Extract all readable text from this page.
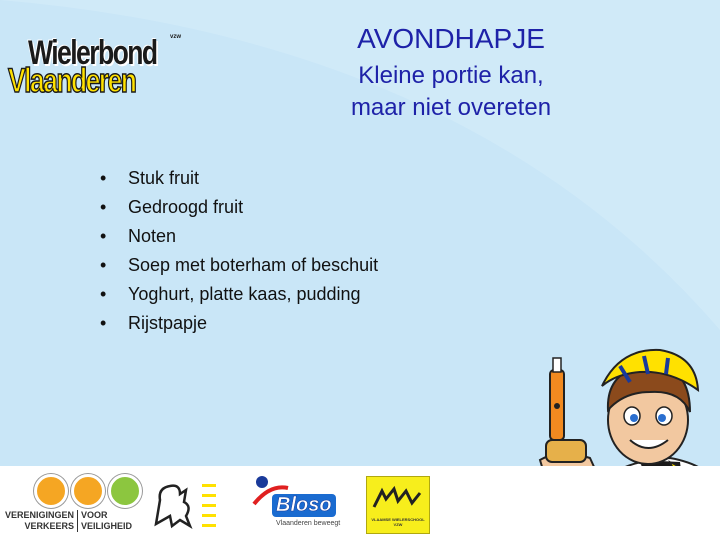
Wielerbond
Vlaanderen
vzw	AVONDHAPJE
Kleine portie kan,
maar niet overeten
•	Stuk fruit
•	Gedroogd fruit
•	Noten
•	Soep met boterham of beschuit
•	Yoghurt, platte kaas, pudding
•	Rijstpapje
VERENIGINGEN
VERKEERS
VOOR
VEILIGHEID
Bloso
Vlaanderen beweegt
VLAAMSE WIELERSCHOOL VZW
